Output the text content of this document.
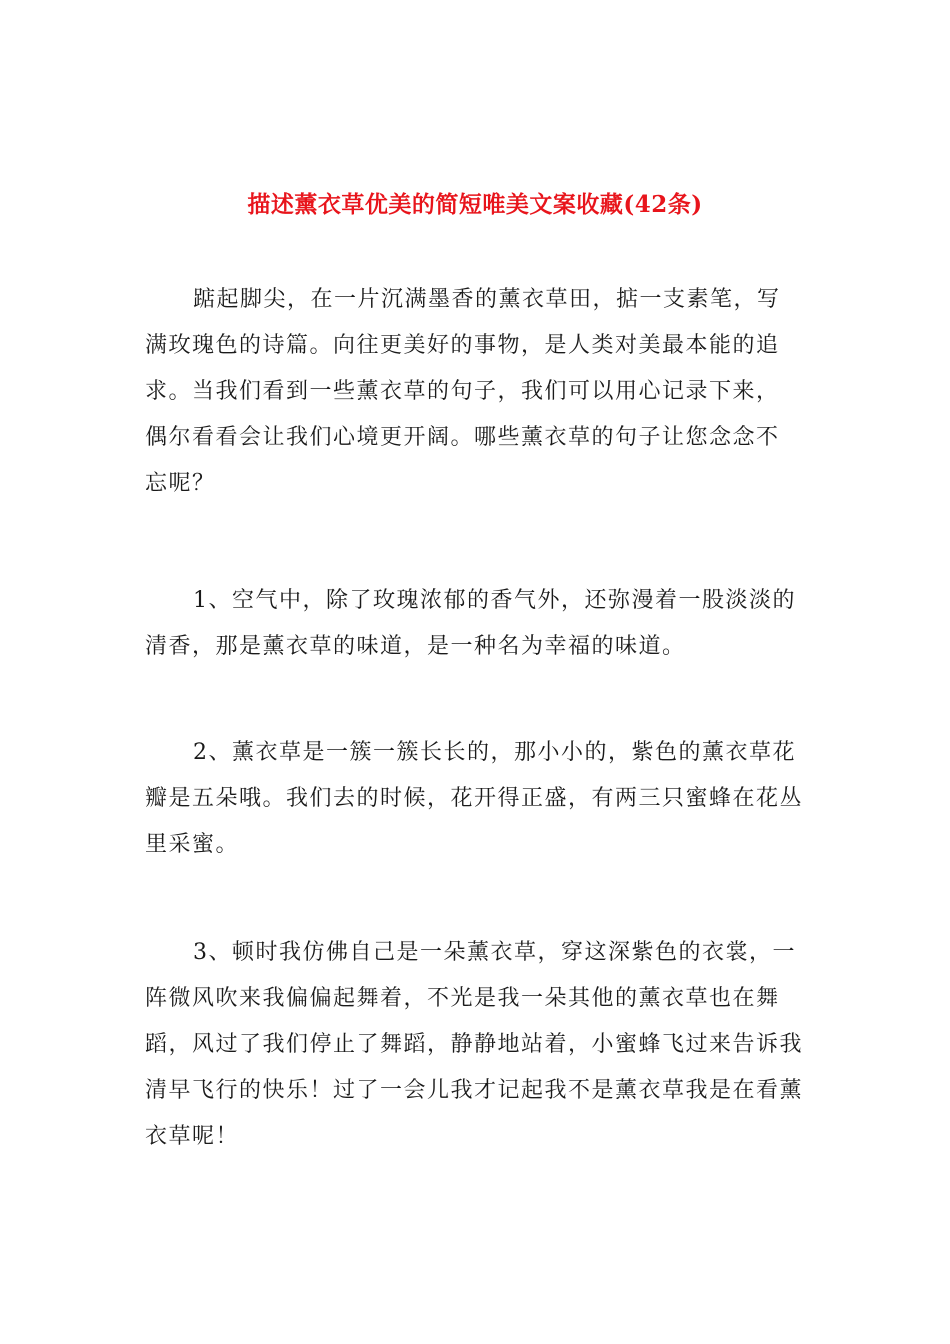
描述薰衣草优美的简短唯美文案收藏(42条)

踮起脚尖，在一片沉满墨香的薰衣草田，掂一支素笔，写满玫瑰色的诗篇。向往更美好的事物，是人类对美最本能的追求。当我们看到一些薰衣草的句子，我们可以用心记录下来，偶尔看看会让我们心境更开阔。哪些薰衣草的句子让您念念不忘呢？

1、空气中，除了玫瑰浓郁的香气外，还弥漫着一股淡淡的清香，那是薰衣草的味道，是一种名为幸福的味道。

2、薰衣草是一簇一簇长长的，那小小的，紫色的薰衣草花瓣是五朵哦。我们去的时候，花开得正盛，有两三只蜜蜂在花丛里采蜜。

3、顿时我仿佛自己是一朵薰衣草，穿这深紫色的衣裳，一阵微风吹来我偏偏起舞着，不光是我一朵其他的薰衣草也在舞蹈，风过了我们停止了舞蹈，静静地站着，小蜜蜂飞过来告诉我清早飞行的快乐！过了一会儿我才记起我不是薰衣草我是在看薰衣草呢！
